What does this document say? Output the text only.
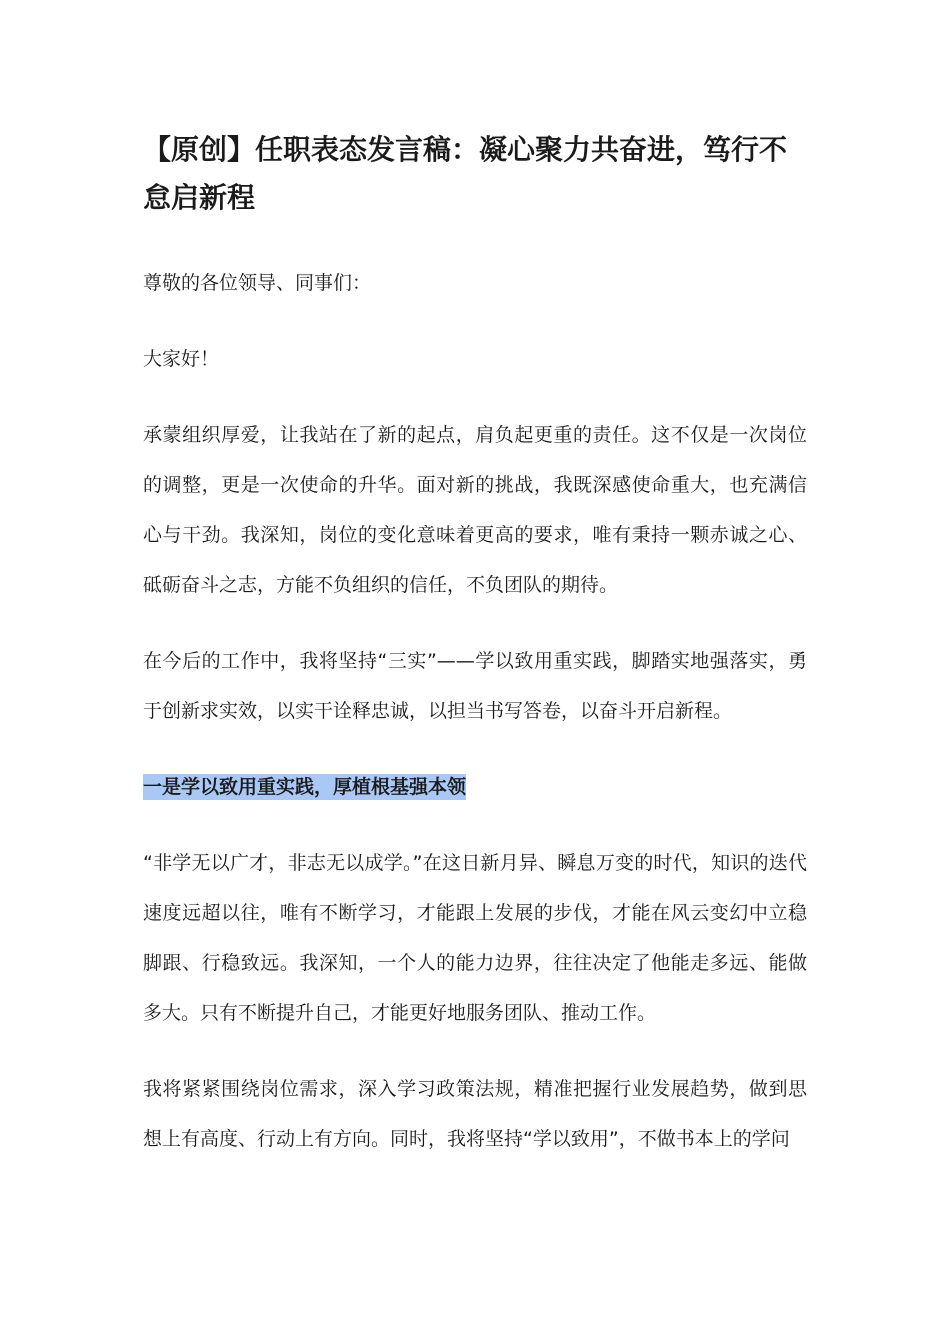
【原创】任职表态发言稿：凝心聚力共奋进，笃行不怠启新程

尊敬的各位领导、同事们：

大家好！

承蒙组织厚爱，让我站在了新的起点，肩负起更重的责任。这不仅是一次岗位的调整，更是一次使命的升华。面对新的挑战，我既深感使命重大，也充满信心与干劲。我深知，岗位的变化意味着更高的要求，唯有秉持一颗赤诚之心、砥砺奋斗之志，方能不负组织的信任，不负团队的期待。

在今后的工作中，我将坚持“三实”——学以致用重实践，脚踏实地强落实，勇于创新求实效，以实干诠释忠诚，以担当书写答卷，以奋斗开启新程。

一是学以致用重实践，厚植根基强本领

“非学无以广才，非志无以成学。”在这日新月异、瞬息万变的时代，知识的迭代速度远超以往，唯有不断学习，才能跟上发展的步伐，才能在风云变幻中立稳脚跟、行稳致远。我深知，一个人的能力边界，往往决定了他能走多远、能做多大。只有不断提升自己，才能更好地服务团队、推动工作。

我将紧紧围绕岗位需求，深入学习政策法规，精准把握行业发展趋势，做到思想上有高度、行动上有方向。同时，我将坚持“学以致用”，不做书本上的学问
